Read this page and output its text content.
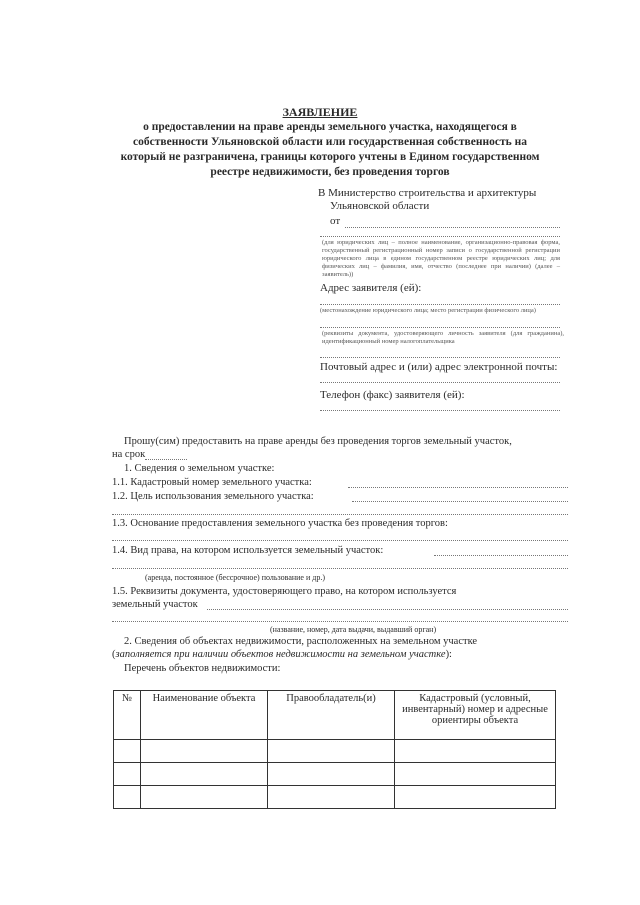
ЗАЯВЛЕНИЕ
о предоставлении на праве аренды земельного участка, находящегося в собственности Ульяновской области или государственная собственность на который не разграничена, границы которого учтены в Едином государственном реестре недвижимости, без проведения торгов
В Министерство строительства и архитектуры
Ульяновской области
от
(для юридических лиц – полное наименование, организационно-правовая форма, государственный регистрационный номер записи о государственной регистрации юридического лица в едином государственном реестре юридических лиц; для физических лиц – фамилия, имя, отчество (последнее при наличии) (далее – заявитель))
Адрес заявителя (ей):
(местонахождение юридического лица; место регистрации физического лица)
(реквизиты документа, удостоверяющего личность заявителя (для гражданина), идентификационный номер налогоплательщика
Почтовый адрес и (или) адрес электронной почты:
Телефон (факс) заявителя (ей):
Прошу(сим) предоставить на праве аренды без проведения торгов земельный участок,
на срок
1. Сведения о земельном участке:
1.1. Кадастровый номер земельного участка:
1.2. Цель использования земельного участка:
1.3. Основание предоставления земельного участка без проведения торгов:
1.4. Вид права, на котором используется земельный участок:
(аренда, постоянное (бессрочное) пользование и др.)
1.5. Реквизиты документа, удостоверяющего право, на котором используется
земельный участок
(название, номер, дата выдачи, выдавший орган)
2. Сведения об объектах недвижимости, расположенных на земельном участке
(заполняется при наличии объектов недвижимости на земельном участке):
Перечень объектов недвижимости:
№	Наименование объекта	Правообладатель(и)	Кадастровый (условный, инвентарный) номер и адресные ориентиры объекта
